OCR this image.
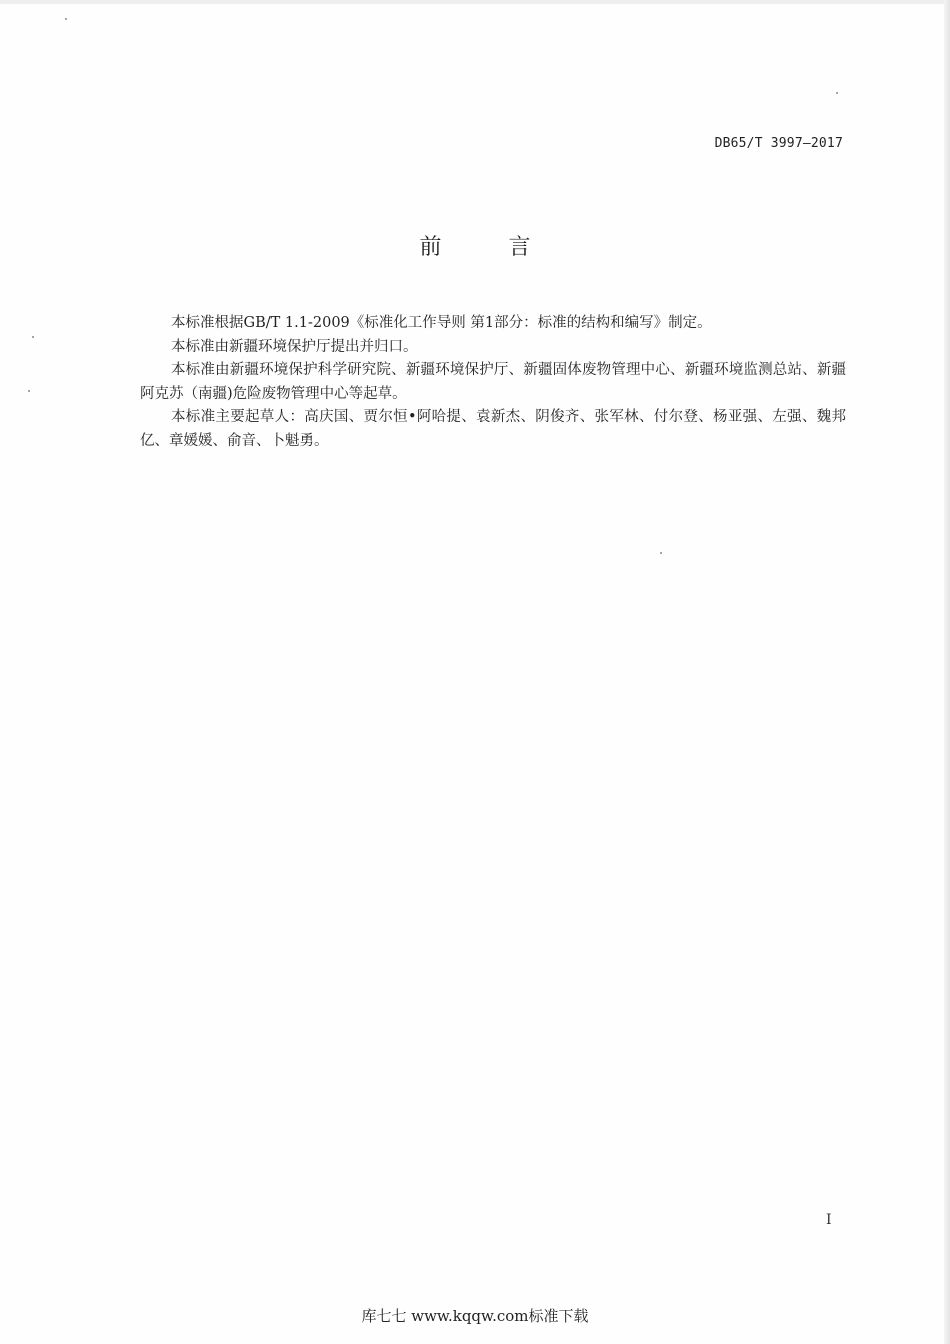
DB65/T 3997—2017
前 言

本标准根据GB/T 1.1-2009《标准化工作导则 第1部分：标准的结构和编写》制定。

本标准由新疆环境保护厅提出并归口。

本标准由新疆环境保护科学研究院、新疆环境保护厅、新疆固体废物管理中心、新疆环境监测总站、新疆阿克苏（南疆)危险废物管理中心等起草。

本标准主要起草人：高庆国、贾尔恒•阿哈提、袁新杰、阴俊齐、张军林、付尔登、杨亚强、左强、魏邦亿、章媛媛、俞音、卜魁勇。

I
库七七 www.kqqw.com标准下载
